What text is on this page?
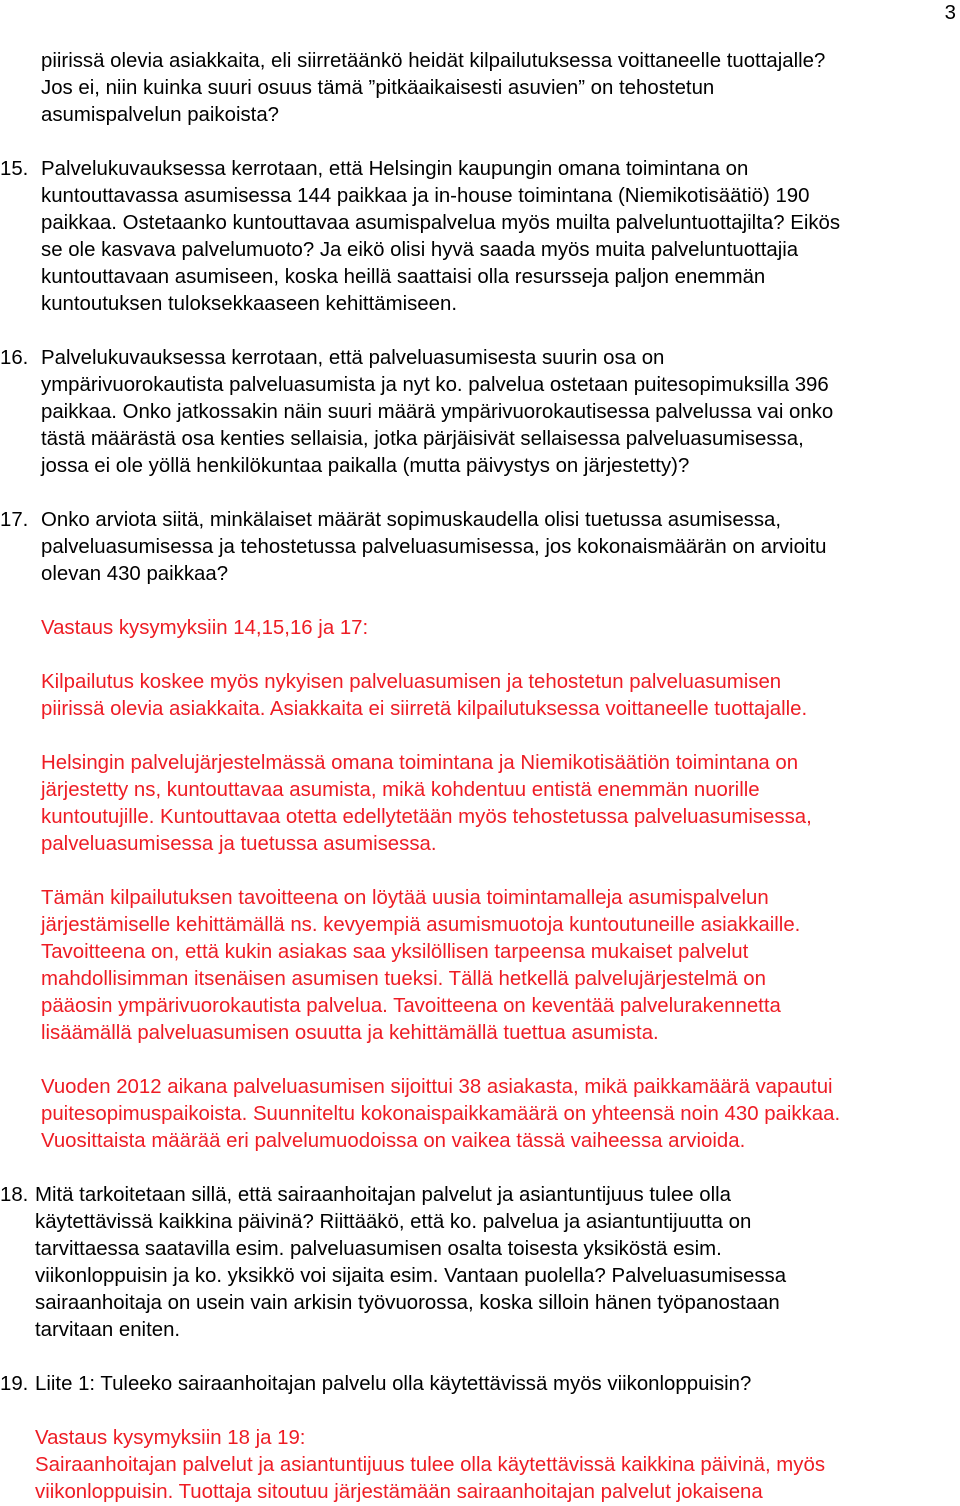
3
piirissä olevia asiakkaita, eli siirretäänkö heidät kilpailutuksessa voittaneelle tuottajalle?
Jos ei, niin kuinka suuri osuus tämä ”pitkäaikaisesti asuvien” on tehostetun
asumispalvelun paikoista?
15. Palvelukuvauksessa kerrotaan, että Helsingin kaupungin omana toimintana on
kuntouttavassa asumisessa 144 paikkaa ja in-house toimintana (Niemikotisäätiö) 190
paikkaa. Ostetaanko kuntouttavaa asumispalvelua myös muilta palveluntuottajilta? Eikös
se ole kasvava palvelumuoto? Ja eikö olisi hyvä saada myös muita palveluntuottajia
kuntouttavaan asumiseen, koska heillä saattaisi olla resursseja paljon enemmän
kuntoutuksen tuloksekkaaseen kehittämiseen.
16. Palvelukuvauksessa kerrotaan, että palveluasumisesta suurin osa on
ympärivuorokautista palveluasumista ja nyt ko. palvelua ostetaan puitesopimuksilla 396
paikkaa. Onko jatkossakin näin suuri määrä ympärivuorokautisessa palvelussa vai onko
tästä määrästä osa kenties sellaisia, jotka pärjäisivät sellaisessa palveluasumisessa,
jossa ei ole yöllä henkilökuntaa paikalla (mutta päivystys on järjestetty)?
17. Onko arviota siitä, minkälaiset määrät sopimuskaudella olisi tuetussa asumisessa,
palveluasumisessa ja tehostetussa palveluasumisessa, jos kokonaismäärän on arvioitu
olevan 430 paikkaa?
Vastaus kysymyksiin 14,15,16 ja 17:
Kilpailutus koskee myös nykyisen palveluasumisen ja tehostetun palveluasumisen
piirissä olevia asiakkaita. Asiakkaita ei siirretä kilpailutuksessa voittaneelle tuottajalle.
Helsingin palvelujärjestelmässä omana toimintana ja Niemikotisäätiön toimintana on
järjestetty ns, kuntouttavaa asumista, mikä kohdentuu entistä enemmän nuorille
kuntoutujille. Kuntouttavaa otetta edellytetään myös tehostetussa palveluasumisessa,
palveluasumisessa ja tuetussa asumisessa.
Tämän kilpailutuksen tavoitteena on löytää uusia toimintamalleja asumispalvelun
järjestämiselle kehittämällä ns. kevyempiä asumismuotoja kuntoutuneille asiakkaille.
Tavoitteena on, että kukin asiakas saa yksilöllisen tarpeensa mukaiset palvelut
mahdollisimman itsenäisen asumisen tueksi. Tällä hetkellä palvelujärjestelmä on
pääosin ympärivuorokautista palvelua. Tavoitteena on keventää palvelurakennetta
lisäämällä palveluasumisen osuutta ja kehittämällä tuettua asumista.
Vuoden 2012 aikana palveluasumisen sijoittui 38 asiakasta, mikä paikkamäärä vapautui
puitesopimuspaikoista. Suunniteltu kokonaispaikkamäärä on yhteensä noin 430 paikkaa.
Vuosittaista määrää eri palvelumuodoissa on vaikea tässä vaiheessa arvioida.
18. Mitä tarkoitetaan sillä, että sairaanhoitajan palvelut ja asiantuntijuus tulee olla
käytettävissä kaikkina päivinä? Riittääkö, että ko. palvelua ja asiantuntijuutta on
tarvittaessa saatavilla esim. palveluasumisen osalta toisesta yksiköstä esim.
viikonloppuisin ja ko. yksikkö voi sijaita esim. Vantaan puolella? Palveluasumisessa
sairaanhoitaja on usein vain arkisin työvuorossa, koska silloin hänen työpanostaan
tarvitaan eniten.
19. Liite 1: Tuleeko sairaanhoitajan palvelu olla käytettävissä myös viikonloppuisin?
Vastaus kysymyksiin 18 ja 19:
Sairaanhoitajan palvelut ja asiantuntijuus tulee olla käytettävissä kaikkina päivinä, myös
viikonloppuisin. Tuottaja sitoutuu järjestämään sairaanhoitajan palvelut jokaisena
